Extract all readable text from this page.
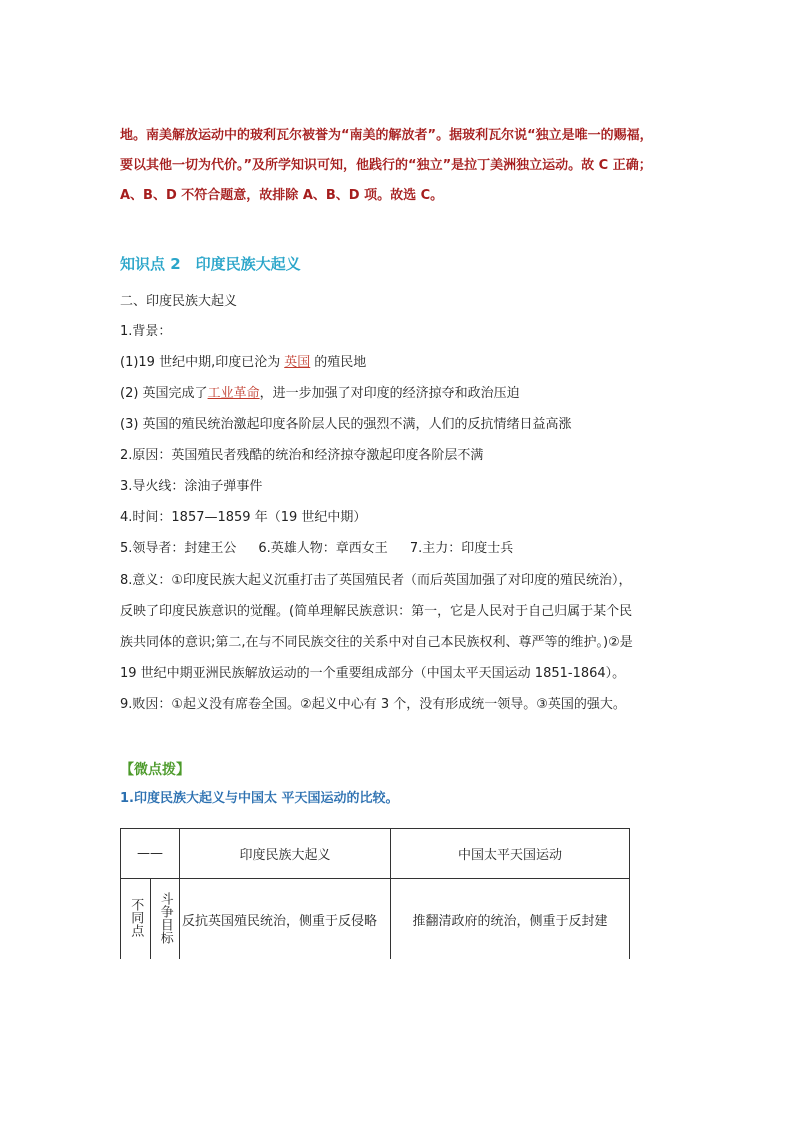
地。南美解放运动中的玻利瓦尔被誉为“南美的解放者”。据玻利瓦尔说“独立是唯一的赐福，
要以其他一切为代价。”及所学知识可知，他践行的“独立”是拉丁美洲独立运动。故 C 正确；
A、B、D 不符合题意，故排除 A、B、D 项。故选 C。
知识点 2　印度民族大起义
二、印度民族大起义
1.背景：
(1)19 世纪中期,印度已沦为 英国 的殖民地
(2) 英国完成了工业革命，进一步加强了对印度的经济掠夺和政治压迫
(3) 英国的殖民统治激起印度各阶层人民的强烈不满，人们的反抗情绪日益高涨
2.原因：英国殖民者残酷的统治和经济掠夺激起印度各阶层不满
3.导火线：涂油子弹事件
4.时间：1857—1859 年（19 世纪中期）
5.领导者：封建王公 6.英雄人物：章西女王 7.主力：印度士兵
8.意义：①印度民族大起义沉重打击了英国殖民者（而后英国加强了对印度的殖民统治），
反映了印度民族意识的觉醒。(简单理解民族意识：第一，它是人民对于自己归属于某个民
族共同体的意识;第二,在与不同民族交往的关系中对自己本民族权利、尊严等的维护。)②是
19 世纪中期亚洲民族解放运动的一个重要组成部分（中国太平天国运动 1851-1864）。
9.败因：①起义没有席卷全国。②起义中心有 3 个，没有形成统一领导。③英国的强大。
【微点拨】
1.印度民族大起义与中国太 平天国运动的比较。
——		印度民族大起义	中国太平天国运动
不同点	斗争目标	反抗英国殖民统治，侧重于反侵略	推翻清政府的统治，侧重于反封建
